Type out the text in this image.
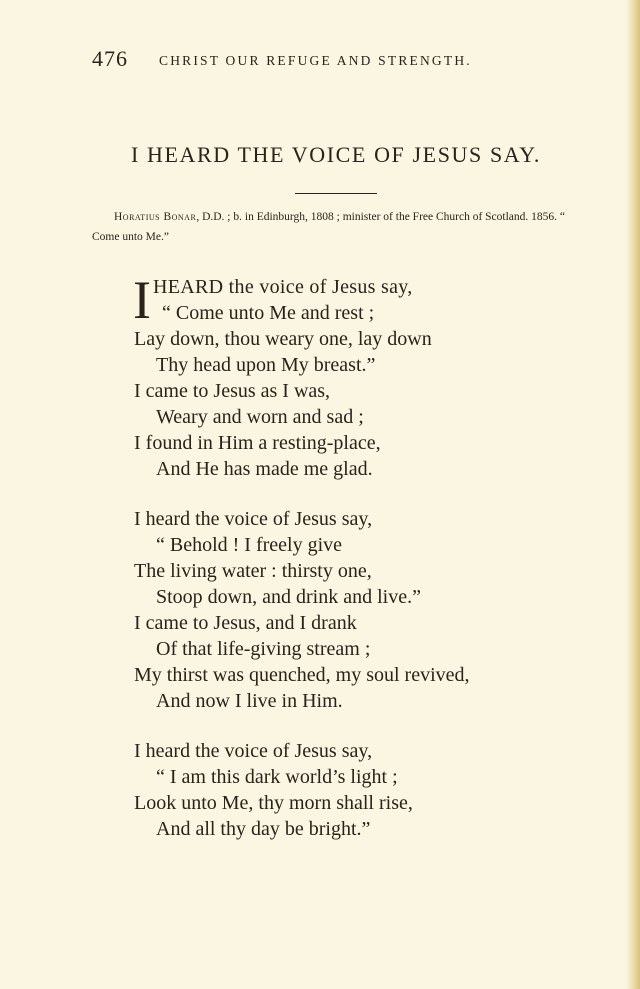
476 CHRIST OUR REFUGE AND STRENGTH.
I HEARD THE VOICE OF JESUS SAY.

Horatius Bonar, D.D. ; b. in Edinburgh, 1808 ; minister of the Free Church of Scotland. 1856. “ Come unto Me.”

I HEARD the voice of Jesus say,
“ Come unto Me and rest ;
Lay down, thou weary one, lay down
Thy head upon My breast.”
I came to Jesus as I was,
Weary and worn and sad ;
I found in Him a resting-place,
And He has made me glad.
I heard the voice of Jesus say,
“ Behold ! I freely give
The living water : thirsty one,
Stoop down, and drink and live.”
I came to Jesus, and I drank
Of that life-giving stream ;
My thirst was quenched, my soul revived,
And now I live in Him.
I heard the voice of Jesus say,
“ I am this dark world’s light ;
Look unto Me, thy morn shall rise,
And all thy day be bright.”
